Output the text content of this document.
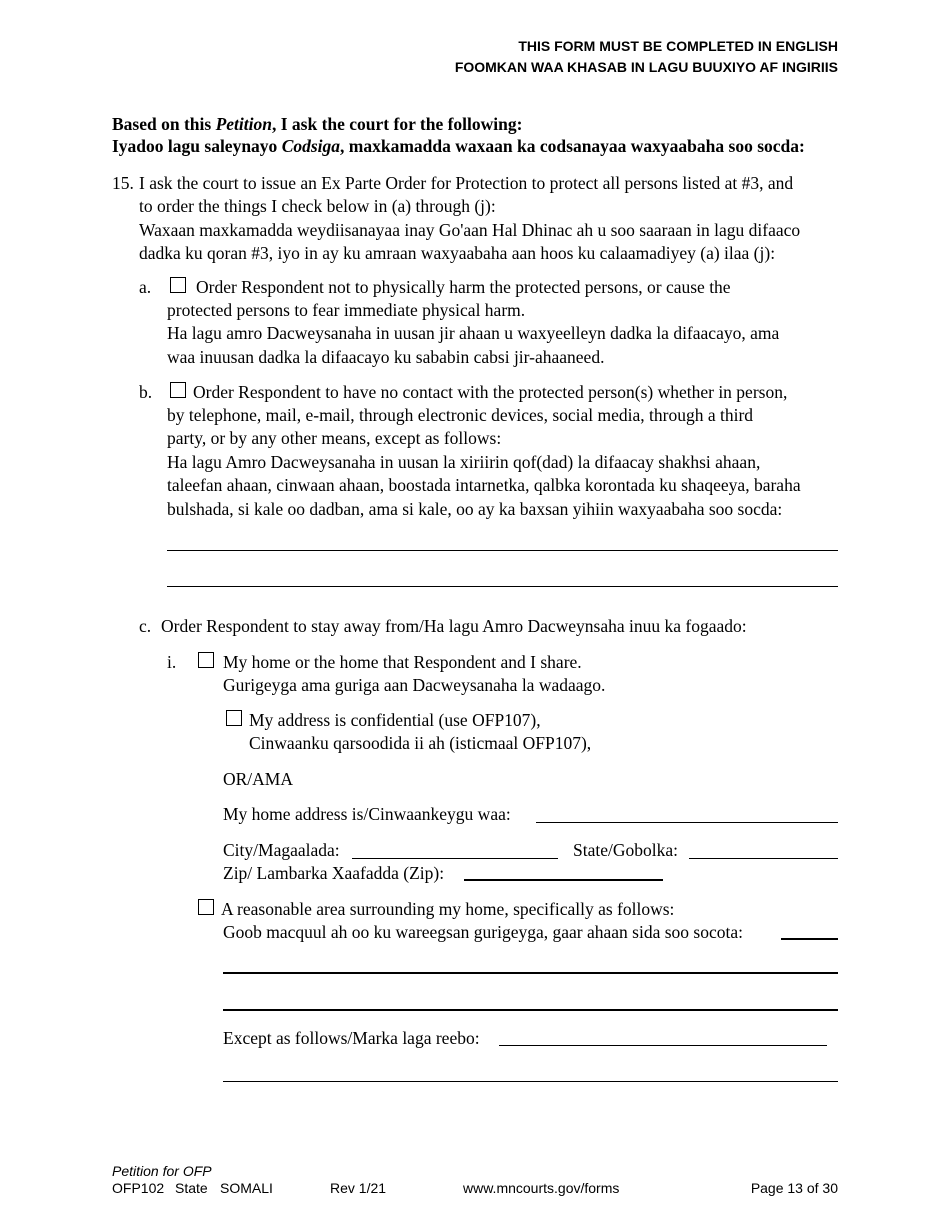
THIS FORM MUST BE COMPLETED IN ENGLISH
FOOMKAN WAA KHASAB IN LAGU BUUXIYO AF INGIRIIS
Based on this Petition, I ask the court for the following:
Iyadoo lagu saleynayo Codsiga, maxkamadda waxaan ka codsanayaa waxyaabaha soo socda:
15. I ask the court to issue an Ex Parte Order for Protection to protect all persons listed at #3, and
to order the things I check below in (a) through (j):
Waxaan maxkamadda weydiisanayaa inay Go'aan Hal Dhinac ah u soo saaraan in lagu difaaco
dadka ku qoran #3, iyo in ay ku amraan waxyaabaha aan hoos ku calaamadiyey (a) ilaa (j):
a.	Order Respondent not to physically harm the protected persons, or cause the
protected persons to fear immediate physical harm.
Ha lagu amro Dacweysanaha in uusan jir ahaan u waxyeelleyn dadka la difaacayo, ama
waa inuusan dadka la difaacayo ku sababin cabsi jir-ahaaneed.
b. Order Respondent to have no contact with the protected person(s) whether in person,
by telephone, mail, e-mail, through electronic devices, social media, through a third
party, or by any other means, except as follows:
Ha lagu Amro Dacweysanaha in uusan la xiriirin qof(dad) la difaacay shakhsi ahaan,
taleefan ahaan, cinwaan ahaan, boostada intarnetka, qalbka korontada ku shaqeeya, baraha
bulshada, si kale oo dadban, ama si kale, oo ay ka baxsan yihiin waxyaabaha soo socda:
c. Order Respondent to stay away from/Ha lagu Amro Dacweynsaha inuu ka fogaado:
i.	My home or the home that Respondent and I share.
Gurigeyga ama guriga aan Dacweysanaha la wadaago.
My address is confidential (use OFP107),
Cinwaanku qarsoodida ii ah (isticmaal OFP107),
OR/AMA
My home address is/Cinwaankeygu waa:
City/Magaalada:	State/Gobolka:
Zip/ Lambarka Xaafadda (Zip):
A reasonable area surrounding my home, specifically as follows:
Goob macquul ah oo ku wareegsan gurigeyga, gaar ahaan sida soo socota:
Except as follows/Marka laga reebo:
Petition for OFP
OFP102 State SOMALI	Rev 1/21	www.mncourts.gov/forms	Page 13 of 30
